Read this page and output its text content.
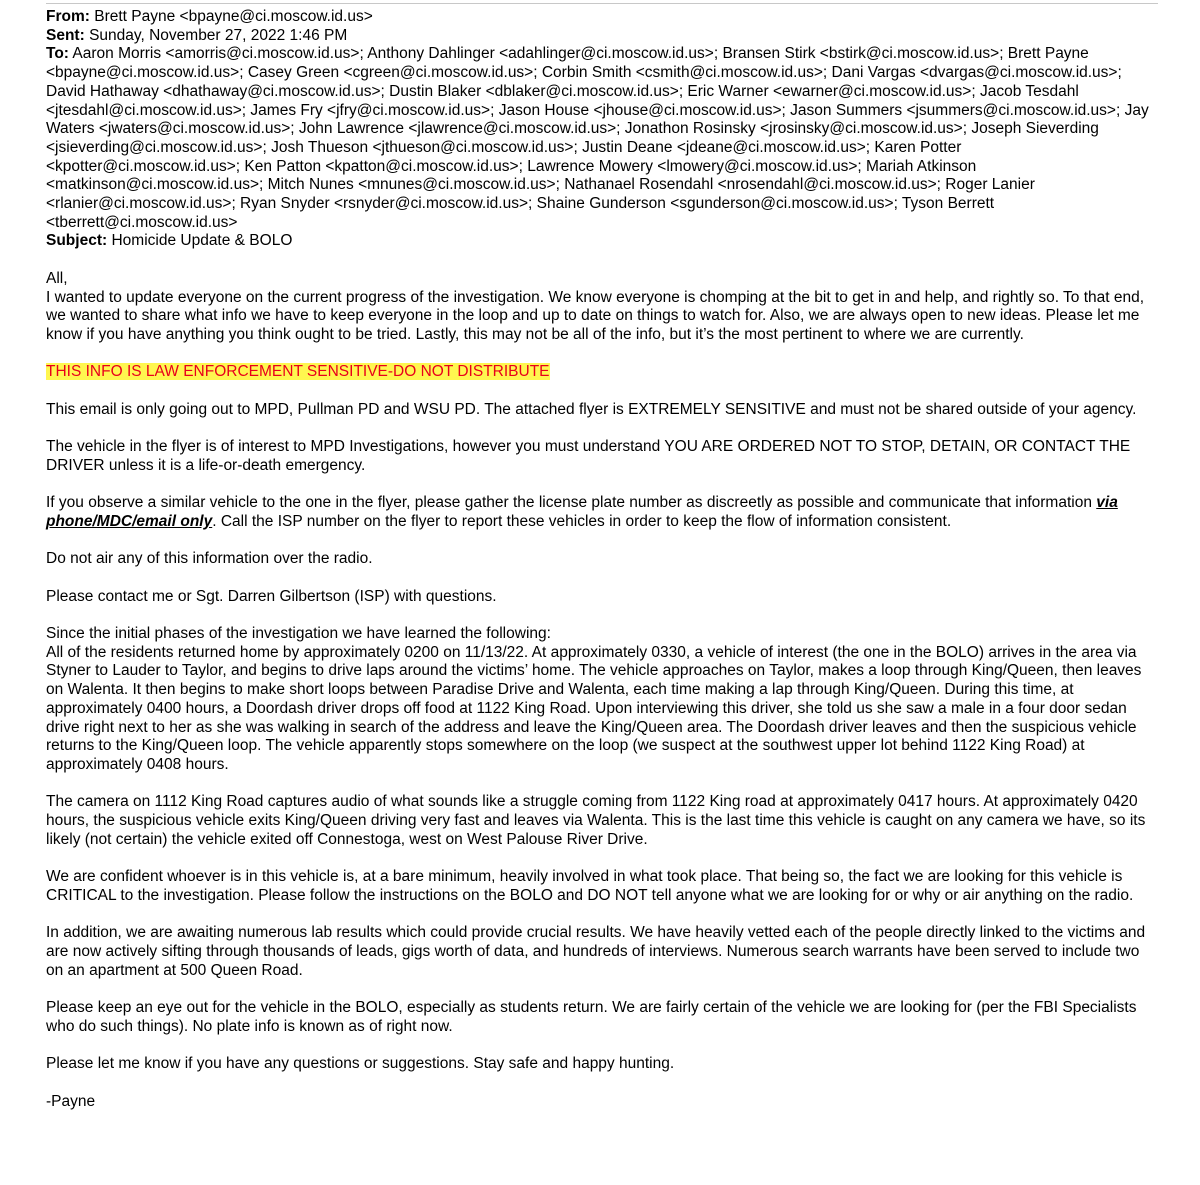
From: Brett Payne <bpayne@ci.moscow.id.us>
Sent: Sunday, November 27, 2022 1:46 PM
To: Aaron Morris <amorris@ci.moscow.id.us>; Anthony Dahlinger <adahlinger@ci.moscow.id.us>; Bransen Stirk <bstirk@ci.moscow.id.us>; Brett Payne <bpayne@ci.moscow.id.us>; Casey Green <cgreen@ci.moscow.id.us>; Corbin Smith <csmith@ci.moscow.id.us>; Dani Vargas <dvargas@ci.moscow.id.us>; David Hathaway <dhathaway@ci.moscow.id.us>; Dustin Blaker <dblaker@ci.moscow.id.us>; Eric Warner <ewarner@ci.moscow.id.us>; Jacob Tesdahl <jtesdahl@ci.moscow.id.us>; James Fry <jfry@ci.moscow.id.us>; Jason House <jhouse@ci.moscow.id.us>; Jason Summers <jsummers@ci.moscow.id.us>; Jay Waters <jwaters@ci.moscow.id.us>; John Lawrence <jlawrence@ci.moscow.id.us>; Jonathon Rosinsky <jrosinsky@ci.moscow.id.us>; Joseph Sieverding <jsieverding@ci.moscow.id.us>; Josh Thueson <jthueson@ci.moscow.id.us>; Justin Deane <jdeane@ci.moscow.id.us>; Karen Potter <kpotter@ci.moscow.id.us>; Ken Patton <kpatton@ci.moscow.id.us>; Lawrence Mowery <lmowery@ci.moscow.id.us>; Mariah Atkinson <matkinson@ci.moscow.id.us>; Mitch Nunes <mnunes@ci.moscow.id.us>; Nathanael Rosendahl <nrosendahl@ci.moscow.id.us>; Roger Lanier <rlanier@ci.moscow.id.us>; Ryan Snyder <rsnyder@ci.moscow.id.us>; Shaine Gunderson <sgunderson@ci.moscow.id.us>; Tyson Berrett <tberrett@ci.moscow.id.us>
Subject: Homicide Update & BOLO
All,
I wanted to update everyone on the current progress of the investigation. We know everyone is chomping at the bit to get in and help, and rightly so. To that end, we wanted to share what info we have to keep everyone in the loop and up to date on things to watch for. Also, we are always open to new ideas. Please let me know if you have anything you think ought to be tried. Lastly, this may not be all of the info, but it’s the most pertinent to where we are currently.
THIS INFO IS LAW ENFORCEMENT SENSITIVE-DO NOT DISTRIBUTE
This email is only going out to MPD, Pullman PD and WSU PD. The attached flyer is EXTREMELY SENSITIVE and must not be shared outside of your agency.
The vehicle in the flyer is of interest to MPD Investigations, however you must understand YOU ARE ORDERED NOT TO STOP, DETAIN, OR CONTACT THE DRIVER unless it is a life-or-death emergency.
If you observe a similar vehicle to the one in the flyer, please gather the license plate number as discreetly as possible and communicate that information via phone/MDC/email only. Call the ISP number on the flyer to report these vehicles in order to keep the flow of information consistent.
Do not air any of this information over the radio.
Please contact me or Sgt. Darren Gilbertson (ISP) with questions.
Since the initial phases of the investigation we have learned the following:
All of the residents returned home by approximately 0200 on 11/13/22. At approximately 0330, a vehicle of interest (the one in the BOLO) arrives in the area via Styner to Lauder to Taylor, and begins to drive laps around the victims’ home. The vehicle approaches on Taylor, makes a loop through King/Queen, then leaves on Walenta. It then begins to make short loops between Paradise Drive and Walenta, each time making a lap through King/Queen. During this time, at approximately 0400 hours, a Doordash driver drops off food at 1122 King Road. Upon interviewing this driver, she told us she saw a male in a four door sedan drive right next to her as she was walking in search of the address and leave the King/Queen area. The Doordash driver leaves and then the suspicious vehicle returns to the King/Queen loop. The vehicle apparently stops somewhere on the loop (we suspect at the southwest upper lot behind 1122 King Road) at approximately 0408 hours.
The camera on 1112 King Road captures audio of what sounds like a struggle coming from 1122 King road at approximately 0417 hours. At approximately 0420 hours, the suspicious vehicle exits King/Queen driving very fast and leaves via Walenta. This is the last time this vehicle is caught on any camera we have, so its likely (not certain) the vehicle exited off Connestoga, west on West Palouse River Drive.
We are confident whoever is in this vehicle is, at a bare minimum, heavily involved in what took place. That being so, the fact we are looking for this vehicle is CRITICAL to the investigation. Please follow the instructions on the BOLO and DO NOT tell anyone what we are looking for or why or air anything on the radio.
In addition, we are awaiting numerous lab results which could provide crucial results. We have heavily vetted each of the people directly linked to the victims and are now actively sifting through thousands of leads, gigs worth of data, and hundreds of interviews. Numerous search warrants have been served to include two on an apartment at 500 Queen Road.
Please keep an eye out for the vehicle in the BOLO, especially as students return. We are fairly certain of the vehicle we are looking for (per the FBI Specialists who do such things). No plate info is known as of right now.
Please let me know if you have any questions or suggestions. Stay safe and happy hunting.
-Payne
